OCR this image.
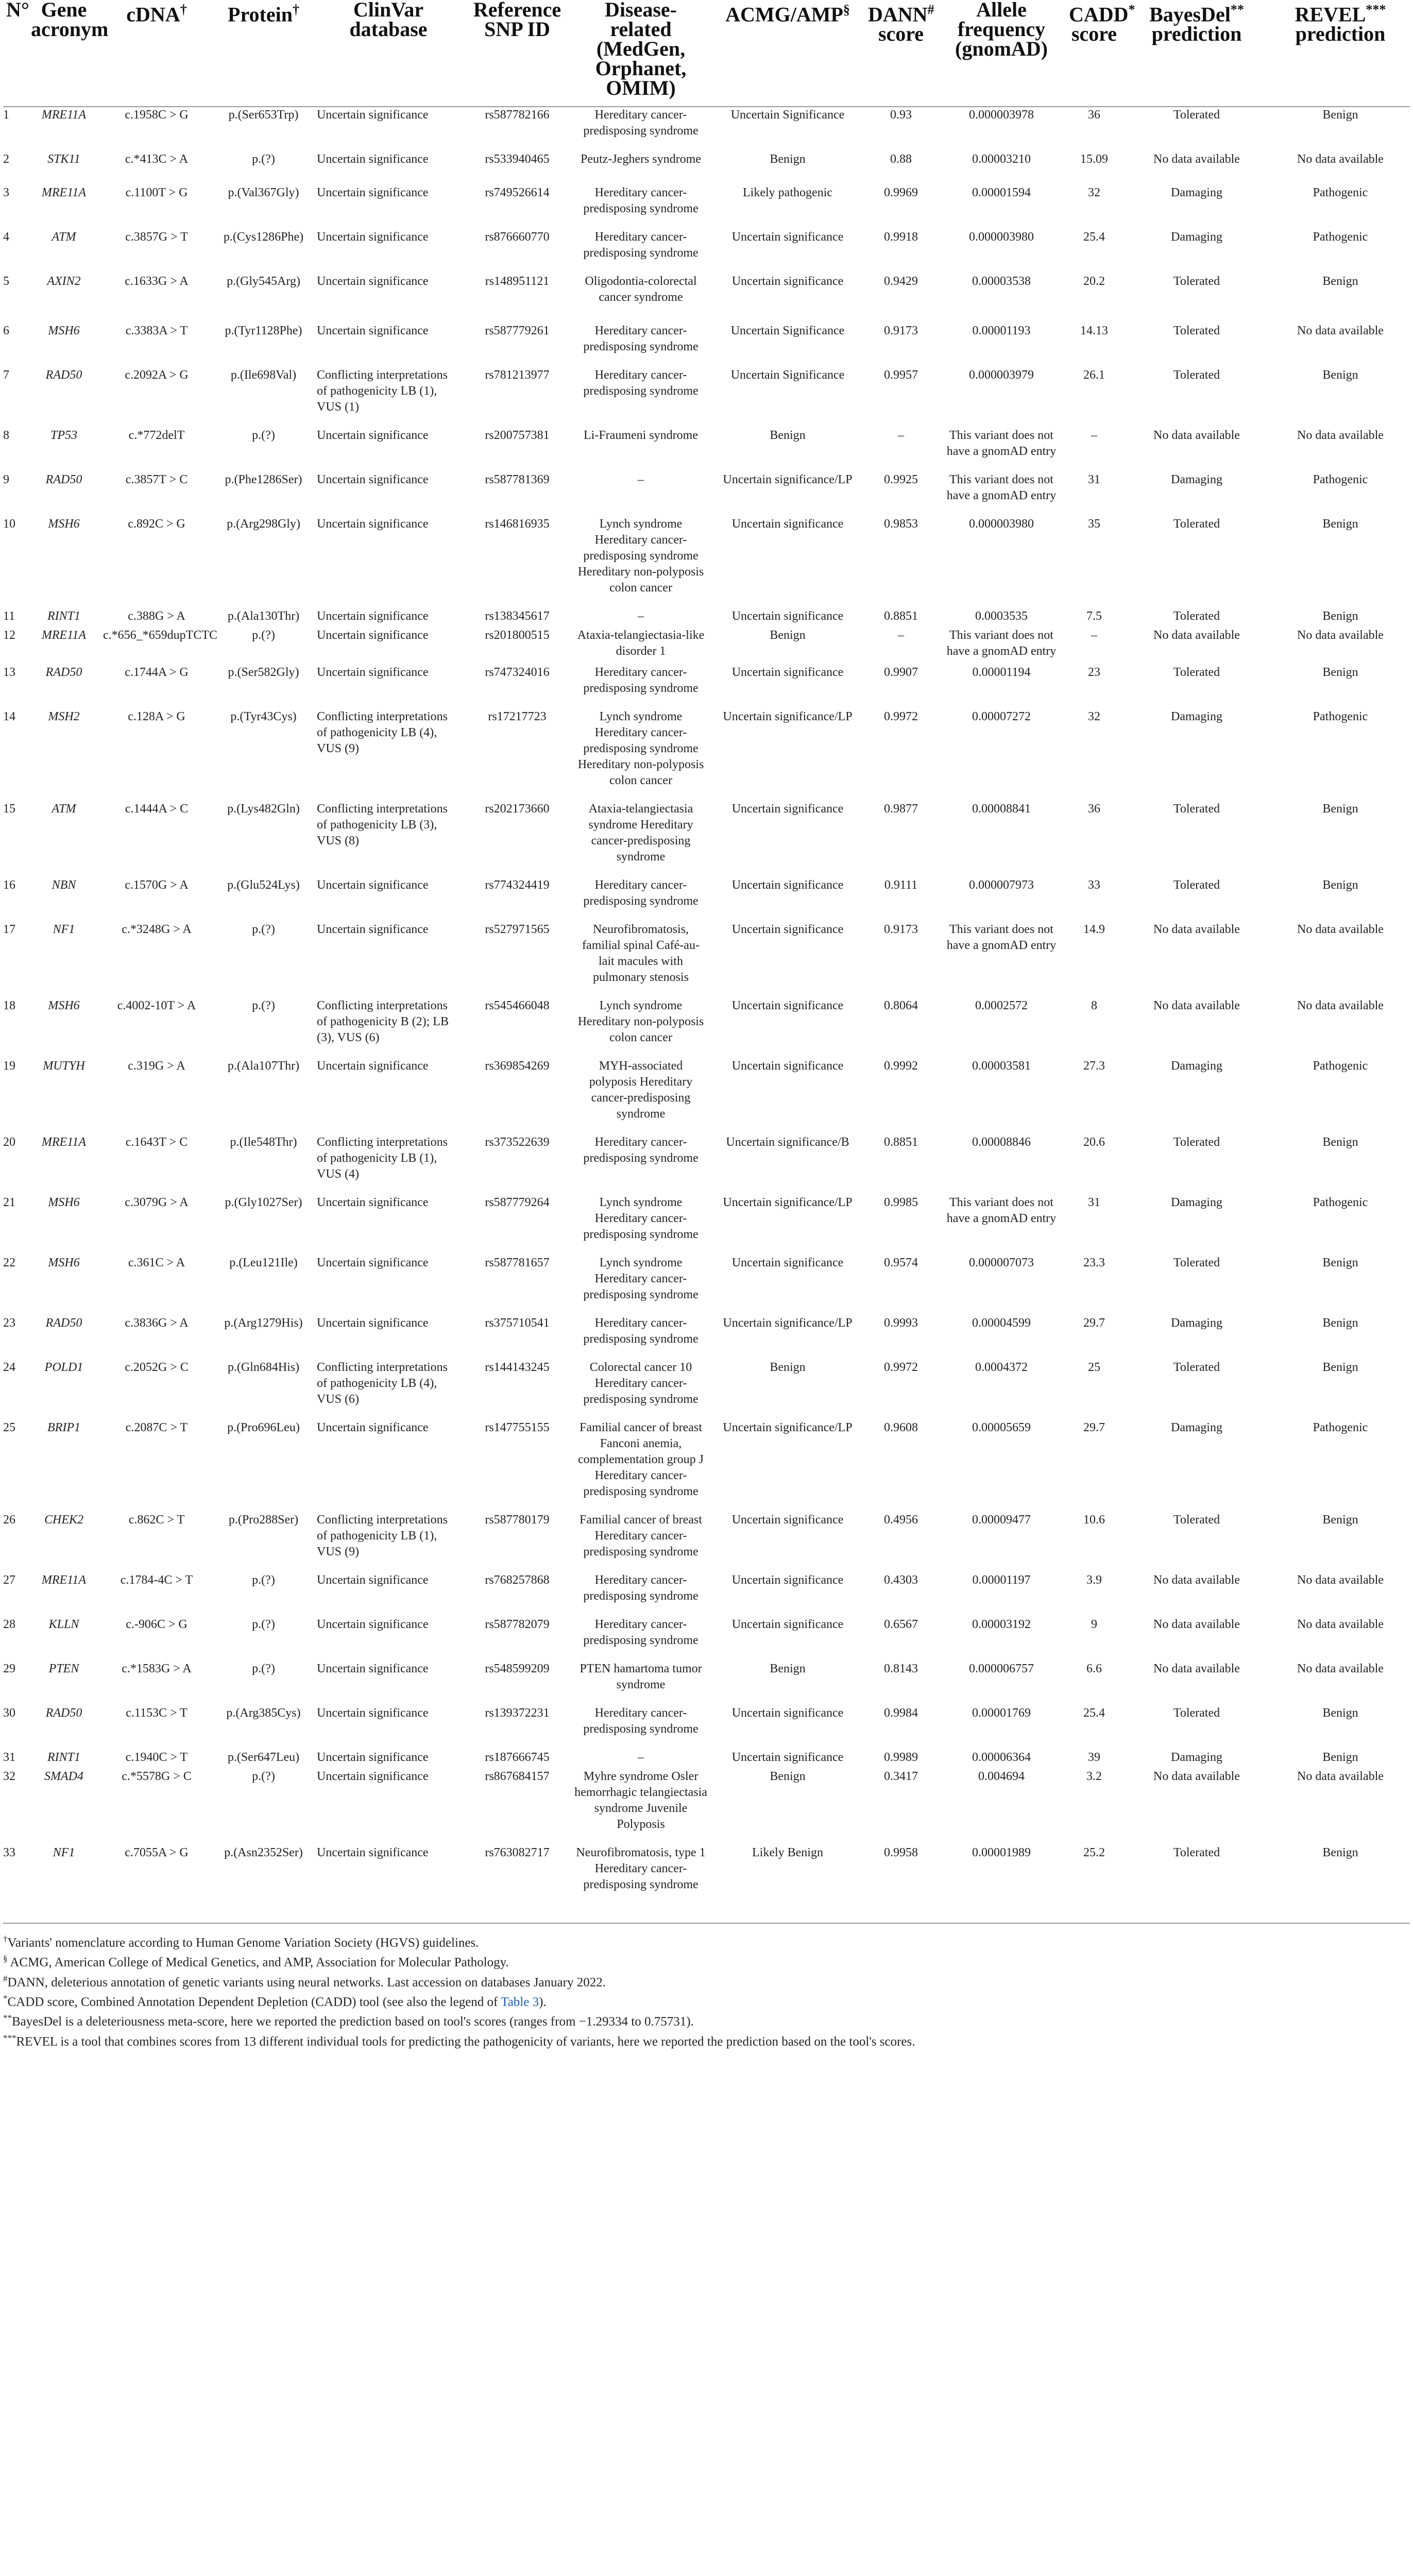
N°	Gene acronym	cDNA†	Protein†	ClinVar database	Reference SNP ID	Disease-related (MedGen, Orphanet, OMIM)	ACMG/AMP§	DANN# score	Allele frequency (gnomAD)	CADD* score	BayesDel** prediction	REVEL*** prediction
1	MRE11A	c.1958C > G	p.(Ser653Trp)	Uncertain significance	rs587782166	Hereditary cancer-predisposing syndrome	Uncertain Significance	0.93	0.000003978	36	Tolerated	Benign
2	STK11	c.*413C > A	p.(?)	Uncertain significance	rs533940465	Peutz-Jeghers syndrome	Benign	0.88	0.00003210	15.09	No data available	No data available
3	MRE11A	c.1100T > G	p.(Val367Gly)	Uncertain significance	rs749526614	Hereditary cancer-predisposing syndrome	Likely pathogenic	0.9969	0.00001594	32	Damaging	Pathogenic
4	ATM	c.3857G > T	p.(Cys1286Phe)	Uncertain significance	rs876660770	Hereditary cancer-predisposing syndrome	Uncertain significance	0.9918	0.000003980	25.4	Damaging	Pathogenic
5	AXIN2	c.1633G > A	p.(Gly545Arg)	Uncertain significance	rs148951121	Oligodontia-colorectal cancer syndrome	Uncertain significance	0.9429	0.00003538	20.2	Tolerated	Benign
6	MSH6	c.3383A > T	p.(Tyr1128Phe)	Uncertain significance	rs587779261	Hereditary cancer-predisposing syndrome	Uncertain Significance	0.9173	0.00001193	14.13	Tolerated	No data available
7	RAD50	c.2092A > G	p.(Ile698Val)	Conflicting interpretations of pathogenicity LB (1), VUS (1)	rs781213977	Hereditary cancer-predisposing syndrome	Uncertain Significance	0.9957	0.000003979	26.1	Tolerated	Benign
8	TP53	c.*772delT	p.(?)	Uncertain significance	rs200757381	Li-Fraumeni syndrome	Benign	–	This variant does not have a gnomAD entry	–	No data available	No data available
9	RAD50	c.3857T > C	p.(Phe1286Ser)	Uncertain significance	rs587781369	–	Uncertain significance/LP	0.9925	This variant does not have a gnomAD entry	31	Damaging	Pathogenic
10	MSH6	c.892C > G	p.(Arg298Gly)	Uncertain significance	rs146816935	Lynch syndrome Hereditary cancer-predisposing syndrome Hereditary non-polyposis colon cancer	Uncertain significance	0.9853	0.000003980	35	Tolerated	Benign
11	RINT1	c.388G > A	p.(Ala130Thr)	Uncertain significance	rs138345617	–	Uncertain significance	0.8851	0.0003535	7.5	Tolerated	Benign
12	MRE11A	c.*656_*659dupTCTC	p.(?)	Uncertain significance	rs201800515	Ataxia-telangiectasia-like disorder 1	Benign	–	This variant does not have a gnomAD entry	–	No data available	No data available
13	RAD50	c.1744A > G	p.(Ser582Gly)	Uncertain significance	rs747324016	Hereditary cancer-predisposing syndrome	Uncertain significance	0.9907	0.00001194	23	Tolerated	Benign
14	MSH2	c.128A > G	p.(Tyr43Cys)	Conflicting interpretations of pathogenicity LB (4), VUS (9)	rs17217723	Lynch syndrome Hereditary cancer-predisposing syndrome Hereditary non-polyposis colon cancer	Uncertain significance/LP	0.9972	0.00007272	32	Damaging	Pathogenic
15	ATM	c.1444A > C	p.(Lys482Gln)	Conflicting interpretations of pathogenicity LB (3), VUS (8)	rs202173660	Ataxia-telangiectasia syndrome Hereditary cancer-predisposing syndrome	Uncertain significance	0.9877	0.00008841	36	Tolerated	Benign
16	NBN	c.1570G > A	p.(Glu524Lys)	Uncertain significance	rs774324419	Hereditary cancer-predisposing syndrome	Uncertain significance	0.9111	0.000007973	33	Tolerated	Benign
17	NF1	c.*3248G > A	p.(?)	Uncertain significance	rs527971565	Neurofibromatosis, familial spinal Café-au-lait macules with pulmonary stenosis	Uncertain significance	0.9173	This variant does not have a gnomAD entry	14.9	No data available	No data available
18	MSH6	c.4002-10T > A	p.(?)	Conflicting interpretations of pathogenicity B (2); LB (3), VUS (6)	rs545466048	Lynch syndrome Hereditary non-polyposis colon cancer	Uncertain significance	0.8064	0.0002572	8	No data available	No data available
19	MUTYH	c.319G > A	p.(Ala107Thr)	Uncertain significance	rs369854269	MYH-associated polyposis Hereditary cancer-predisposing syndrome	Uncertain significance	0.9992	0.00003581	27.3	Damaging	Pathogenic
20	MRE11A	c.1643T > C	p.(Ile548Thr)	Conflicting interpretations of pathogenicity LB (1), VUS (4)	rs373522639	Hereditary cancer-predisposing syndrome	Uncertain significance/B	0.8851	0.00008846	20.6	Tolerated	Benign
21	MSH6	c.3079G > A	p.(Gly1027Ser)	Uncertain significance	rs587779264	Lynch syndrome Hereditary cancer-predisposing syndrome	Uncertain significance/LP	0.9985	This variant does not have a gnomAD entry	31	Damaging	Pathogenic
22	MSH6	c.361C > A	p.(Leu121Ile)	Uncertain significance	rs587781657	Lynch syndrome Hereditary cancer-predisposing syndrome	Uncertain significance	0.9574	0.000007073	23.3	Tolerated	Benign
23	RAD50	c.3836G > A	p.(Arg1279His)	Uncertain significance	rs375710541	Hereditary cancer-predisposing syndrome	Uncertain significance/LP	0.9993	0.00004599	29.7	Damaging	Benign
24	POLD1	c.2052G > C	p.(Gln684His)	Conflicting interpretations of pathogenicity LB (4), VUS (6)	rs144143245	Colorectal cancer 10 Hereditary cancer-predisposing syndrome	Benign	0.9972	0.0004372	25	Tolerated	Benign
25	BRIP1	c.2087C > T	p.(Pro696Leu)	Uncertain significance	rs147755155	Familial cancer of breast Fanconi anemia, complementation group J Hereditary cancer-predisposing syndrome	Uncertain significance/LP	0.9608	0.00005659	29.7	Damaging	Pathogenic
26	CHEK2	c.862C > T	p.(Pro288Ser)	Conflicting interpretations of pathogenicity LB (1), VUS (9)	rs587780179	Familial cancer of breast Hereditary cancer-predisposing syndrome	Uncertain significance	0.4956	0.00009477	10.6	Tolerated	Benign
27	MRE11A	c.1784-4C > T	p.(?)	Uncertain significance	rs768257868	Hereditary cancer-predisposing syndrome	Uncertain significance	0.4303	0.00001197	3.9	No data available	No data available
28	KLLN	c.-906C > G	p.(?)	Uncertain significance	rs587782079	Hereditary cancer-predisposing syndrome	Uncertain significance	0.6567	0.00003192	9	No data available	No data available
29	PTEN	c.*1583G > A	p.(?)	Uncertain significance	rs548599209	PTEN hamartoma tumor syndrome	Benign	0.8143	0.000006757	6.6	No data available	No data available
30	RAD50	c.1153C > T	p.(Arg385Cys)	Uncertain significance	rs139372231	Hereditary cancer-predisposing syndrome	Uncertain significance	0.9984	0.00001769	25.4	Tolerated	Benign
31	RINT1	c.1940C > T	p.(Ser647Leu)	Uncertain significance	rs187666745	–	Uncertain significance	0.9989	0.00006364	39	Damaging	Benign
32	SMAD4	c.*5578G > C	p.(?)	Uncertain significance	rs867684157	Myhre syndrome Osler hemorrhagic telangiectasia syndrome Juvenile Polyposis	Benign	0.3417	0.004694	3.2	No data available	No data available
33	NF1	c.7055A > G	p.(Asn2352Ser)	Uncertain significance	rs763082717	Neurofibromatosis, type 1 Hereditary cancer-predisposing syndrome	Likely Benign	0.9958	0.00001989	25.2	Tolerated	Benign
†Variants' nomenclature according to Human Genome Variation Society (HGVS) guidelines.
§ ACMG, American College of Medical Genetics, and AMP, Association for Molecular Pathology.
#DANN, deleterious annotation of genetic variants using neural networks. Last accession on databases January 2022.
*CADD score, Combined Annotation Dependent Depletion (CADD) tool (see also the legend of Table 3).
**BayesDel is a deleteriousness meta-score, here we reported the prediction based on tool's scores (ranges from −1.29334 to 0.75731).
***REVEL is a tool that combines scores from 13 different individual tools for predicting the pathogenicity of variants, here we reported the prediction based on the tool's scores.
